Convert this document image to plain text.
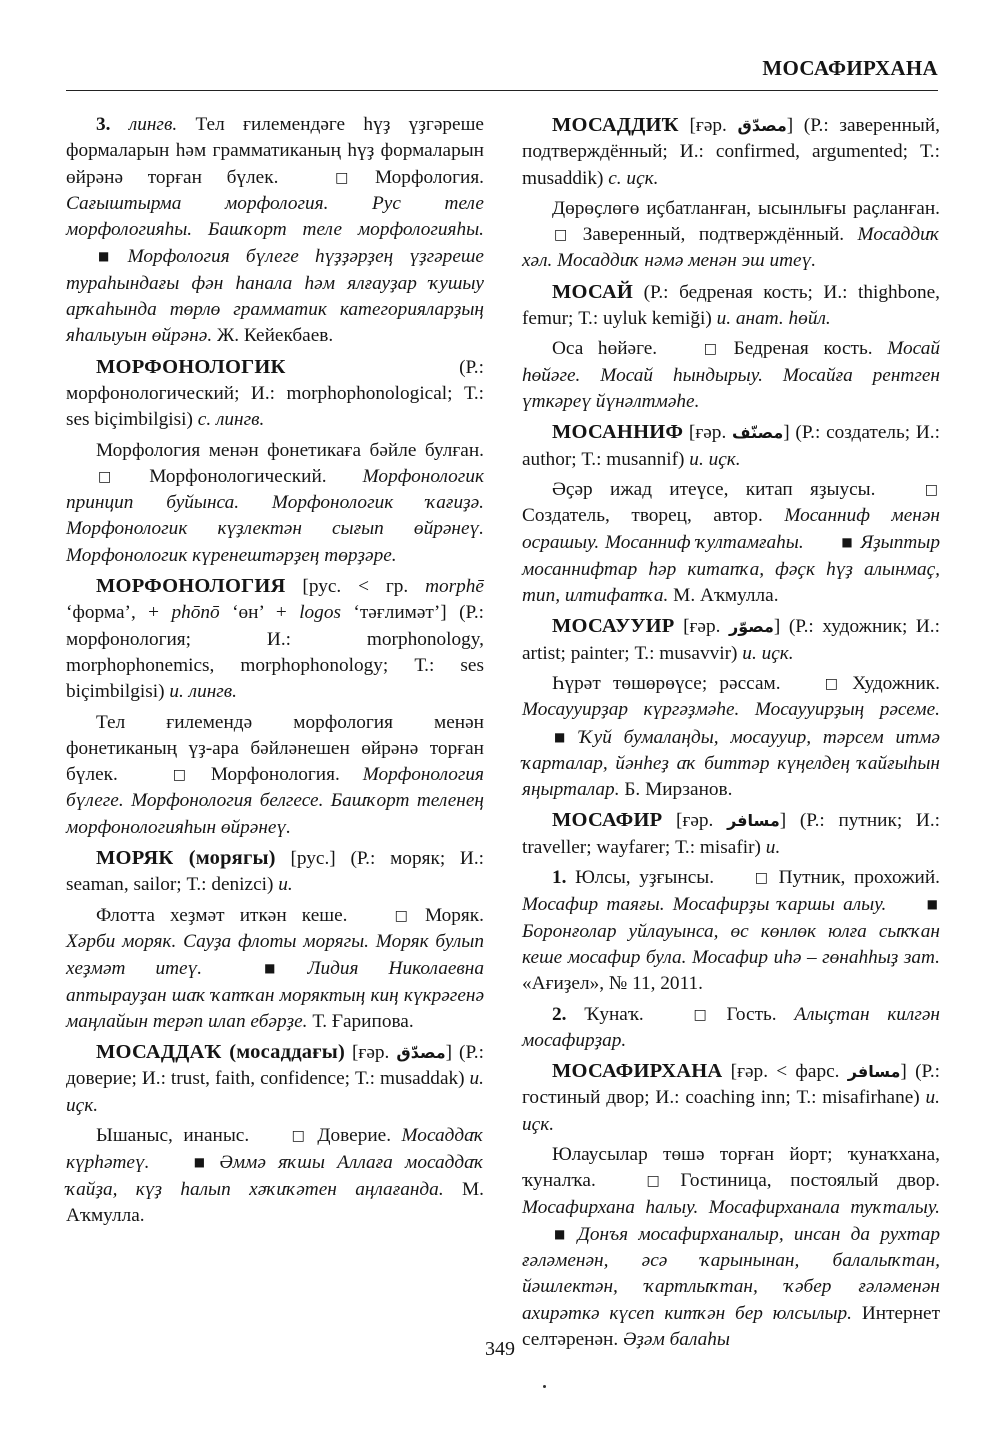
МОСАФИРХАНА

3. лингв. Тел ғилемендәге һүҙ үҙгәреше формаларын һәм грамматиканың һүҙ формаларын өйрәнә торған бүлек.	□ Морфология. Сағыштырма морфология. Рус теле морфологияһы. Башҡорт теле морфологияһы. ■ Морфология бүлеге һүҙҙәрҙең үҙгәреше тураһындағы фән һанала һәм ялғауҙар ҡушыу арҡаһында төрлө грамматик категорияларҙың яһалыуын өйрәнә. Ж. Кейекбаев.

МОРФОНОЛОГИК	(Р.: морфонологический; И.: morphophonological; Т.: ses biçimbilgisi) с. лингв.

Морфология менән фонетикаға бәйле булған. □ Морфонологический. Морфонологик принцип буйынса. Морфонологик ҡағиҙә. Морфонологик күҙлектән сығып өйрәнеү. Морфонологик күренештәрҙең төрҙәре.

МОРФОНОЛОГИЯ [рус. < гр. morphē ‘форма’, + phōnō ‘өн’ + logos ‘тәғлимәт’] (Р.: морфонология; И.: morphonology, morphophonemics, morphophonology; Т.: ses biçimbilgisi) и. лингв.

Тел ғилемендә морфология менән фонетиканың үҙ-ара бәйләнешен өйрәнә торған бүлек.	□ Морфонология. Морфонология бүлеге. Морфонология белгесе. Башҡорт теленең морфонологияһын өйрәнеү.

МОРЯК (морягы) [рус.] (Р.: моряк; И.: seaman, sailor; Т.: denizci) и.

Флотта хеҙмәт иткән кеше.	□ Моряк. Хәрби моряк. Сауҙа флоты морягы. Моряк булып хеҙмәт итеү.	■ Лидия Николаевна аптырауҙан шаҡ ҡатҡан моряктың киң күкрәгенә маңлайын терәп илап ебәрҙе. Т. Ғарипова.

МОСАДДАҠ (мосаддағы) [ғәр. مصدّق] (Р.: доверие; И.: trust, faith, confidence; Т.: musaddak) и. иҫк.

Ышаныс, инаныс.	□ Доверие. Мосаддаҡ күрһәтеү.	■ Әммә яҡшы Аллаға мосаддаҡ ҡайҙа, күҙ һалып хәҡиҡәтен аңлағанда. М. Аҡмулла.

МОСАДДИҠ [ғәр. مصدّق] (Р.: заверенный, подтверждённый; И.: confirmed, argumented; Т.: musaddik) с. иҫк.

Дөрөҫлөгө иҫбатланған, ысынлығы раҫланған. □ Заверенный, подтверждённый. Мосаддиҡ хәл. Мосаддиҡ нәмә менән эш итеү.

МОСАЙ (Р.: бедреная кость; И.: thighbone, femur; Т.: uyluk kemiği) и. анат. һөйл.

Оса һөйәге.	□ Бедреная кость. Мосай һөйәге. Мосай һындырыу. Мосайға рентген үткәреү йүнәлтмәһе.

МОСАННИФ [ғәр. مصنّف] (Р.: создатель; И.: author; Т.: musannif) и. иҫк.

Әҫәр ижад итеүсе, китап яҙыусы.	□ Создатель, творец, автор. Мосанниф менән осрашыу. Мосанниф ҡултамғаһы.	■ Яҙыптыр мосаннифтар һәр китапҡа, фәҫк һүҙ алынмаҫ, тип, илтифатҡа. М. Аҡмулла.

МОСАУУИР [ғәр. مصوّر] (Р.: художник; И.: artist; painter; Т.: musavvir) и. иҫк.

Һүрәт төшөрөүсе; рәссам.	□ Художник. Мосаууирҙар күргәҙмәһе. Мосаууирҙың рәсеме. ■ Ҡуй бумалаңды, мосаууир, тәрсем итмә ҡарталар, йәнһеҙ аҡ биттәр күңелдең ҡайғыһын яңырталар. Б. Мирзанов.

МОСАФИР [ғәр. مسافر] (Р.: путник; И.: traveller; wayfarer; Т.: misafir) и.

1. Юлсы, уҙғынсы.	□ Путник, прохожий. Мосафир таяғы. Мосафирҙы ҡаршы алыу.	■ Боронғолар уйлауынса, өс көнлөк юлға сыҡҡан кеше мосафир була. Мосафир иһә – гөнаһһыҙ зат. «Ағиҙел», № 11, 2011.

2. Ҡунаҡ.	□ Гость. Алыҫтан килгән мосафирҙар.

МОСАФИРХАНА [ғәр. < фарс. مسافر] (Р.: гостиный двор; И.: coaching inn; Т.: misafirhane) и. иҫк.

Юлаусылар төшә торған йорт; ҡунаҡхана, ҡуналҡа.	□ Гостиница, постоялый двор. Мосафирхана һалыу. Мосафирханала туҡталыу. ■ Донъя мосафирханалыр, инсан да рухтар ғәләменән, әсә ҡарынынан, балалыҡтан, йәшлектән, ҡартлыҡтан, ҡәбер ғәләменән ахирәткә күсеп китҡән бер юлсылыр. Интернет селтәренән. Әҙәм балаһы

349
